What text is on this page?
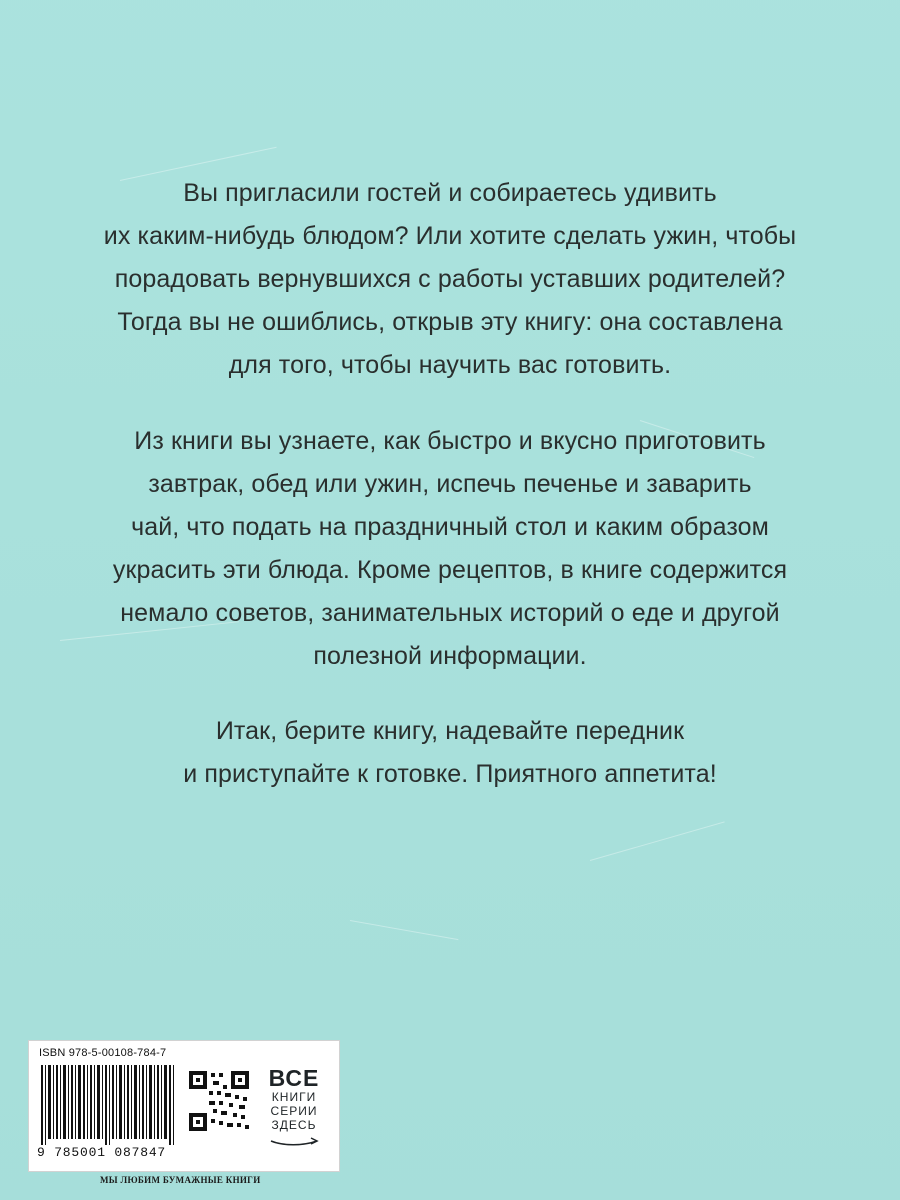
Вы пригласили гостей и собираетесь удивить
их каким-нибудь блюдом? Или хотите сделать ужин, чтобы
порадовать вернувшихся с работы уставших родителей?
Тогда вы не ошиблись, открыв эту книгу: она составлена
для того, чтобы научить вас готовить.
Из книги вы узнаете, как быстро и вкусно приготовить
завтрак, обед или ужин, испечь печенье и заварить
чай, что подать на праздничный стол и каким образом
украсить эти блюда. Кроме рецептов, в книге содержится
немало советов, занимательных историй о еде и другой
полезной информации.
Итак, берите книгу, надевайте передник
и приступайте к готовке. Приятного аппетита!
ISBN 978-5-00108-784-7
9 785001 087847
ВСЕ
КНИГИ
СЕРИИ
ЗДЕСЬ
МЫ ЛЮБИМ БУМАЖНЫЕ КНИГИ
